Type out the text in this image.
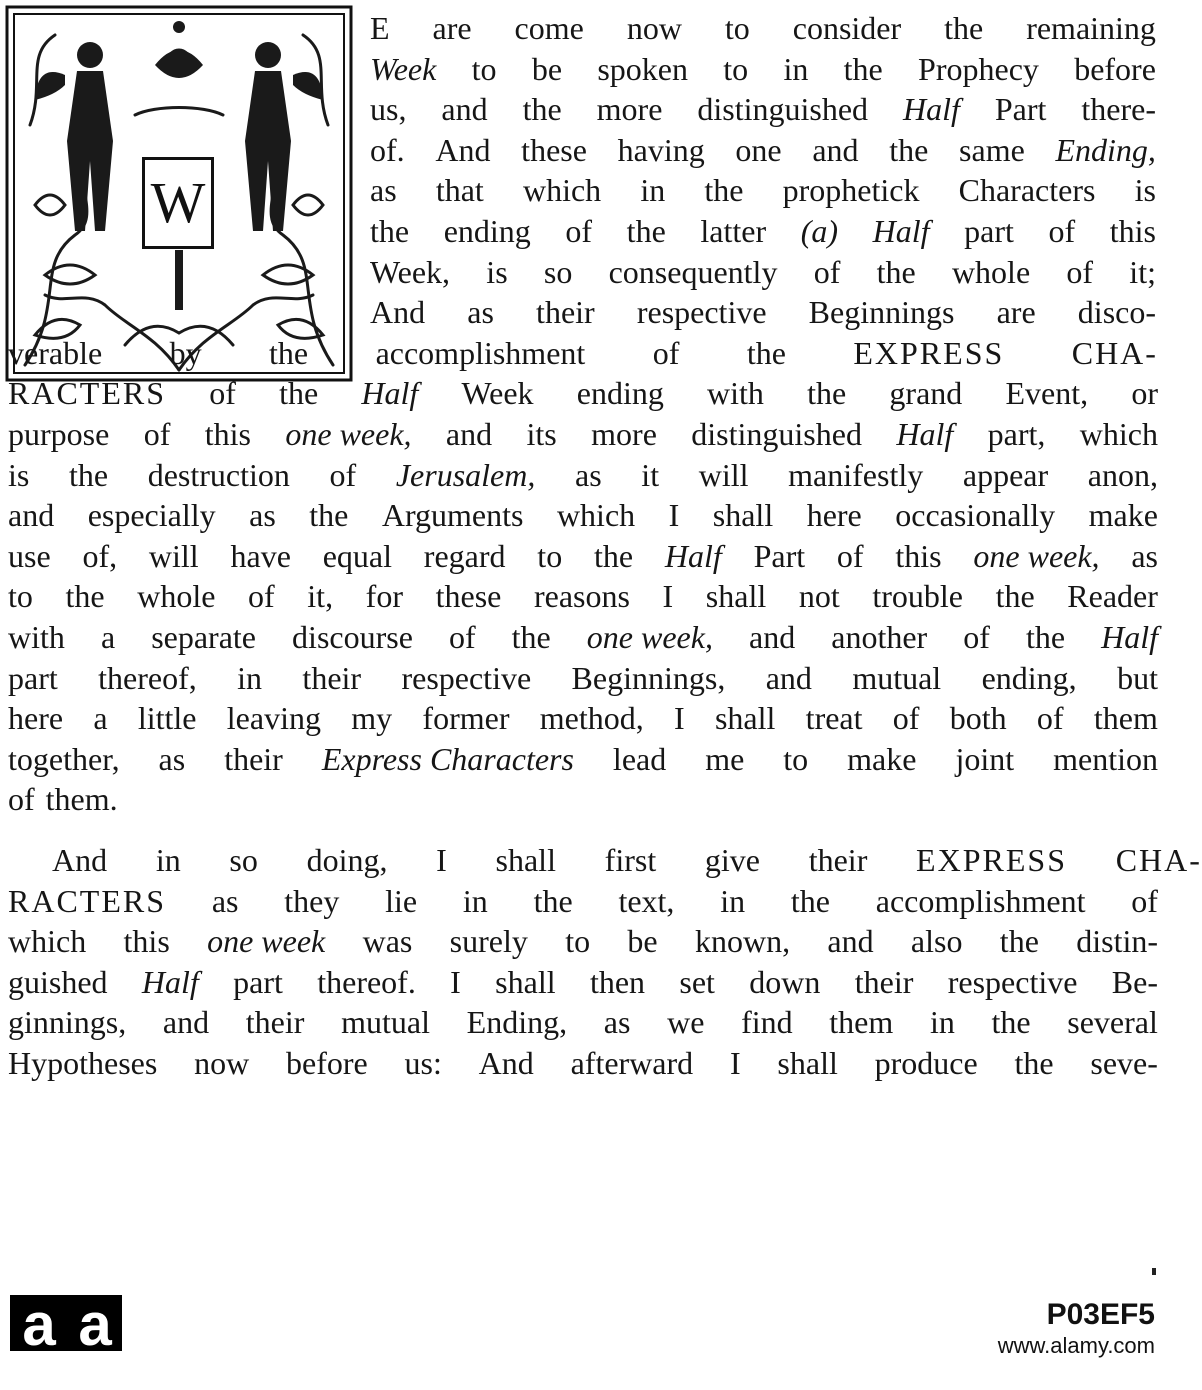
W
E are come now to consider the remaining
Week to be spoken to in the Prophecy before
us, and the more distinguished Half Part there-
of. And these having one and the same Ending,
as that which in the prophetick Characters is
the ending of the latter (a) Half part of this
Week, is so consequently of the whole of it;
And as their respective Beginnings are disco-
verable by the accomplishment of the EXPRESS CHA-
RACTERS of the Half Week ending with the grand Event, or
purpose of this one week, and its more distinguished Half part, which
is the destruction of Jerusalem, as it will manifestly appear anon,
and especially as the Arguments which I shall here occasionally make
use of, will have equal regard to the Half Part of this one week, as
to the whole of it, for these reasons I shall not trouble the Reader
with a separate discourse of the one week, and another of the Half
part thereof, in their respective Beginnings, and mutual ending, but
here a little leaving my former method, I shall treat of both of them
together, as their Express Characters lead me to make joint mention
of them.
And in so doing, I shall first give their EXPRESS CHA-
RACTERS as they lie in the text, in the accomplishment of
which this one week was surely to be known, and also the distin-
guished Half part thereof. I shall then set down their respective Be-
ginnings, and their mutual Ending, as we find them in the several
Hypotheses now before us: And afterward I shall produce the seve-
a a	P03EF5
www.alamy.com
